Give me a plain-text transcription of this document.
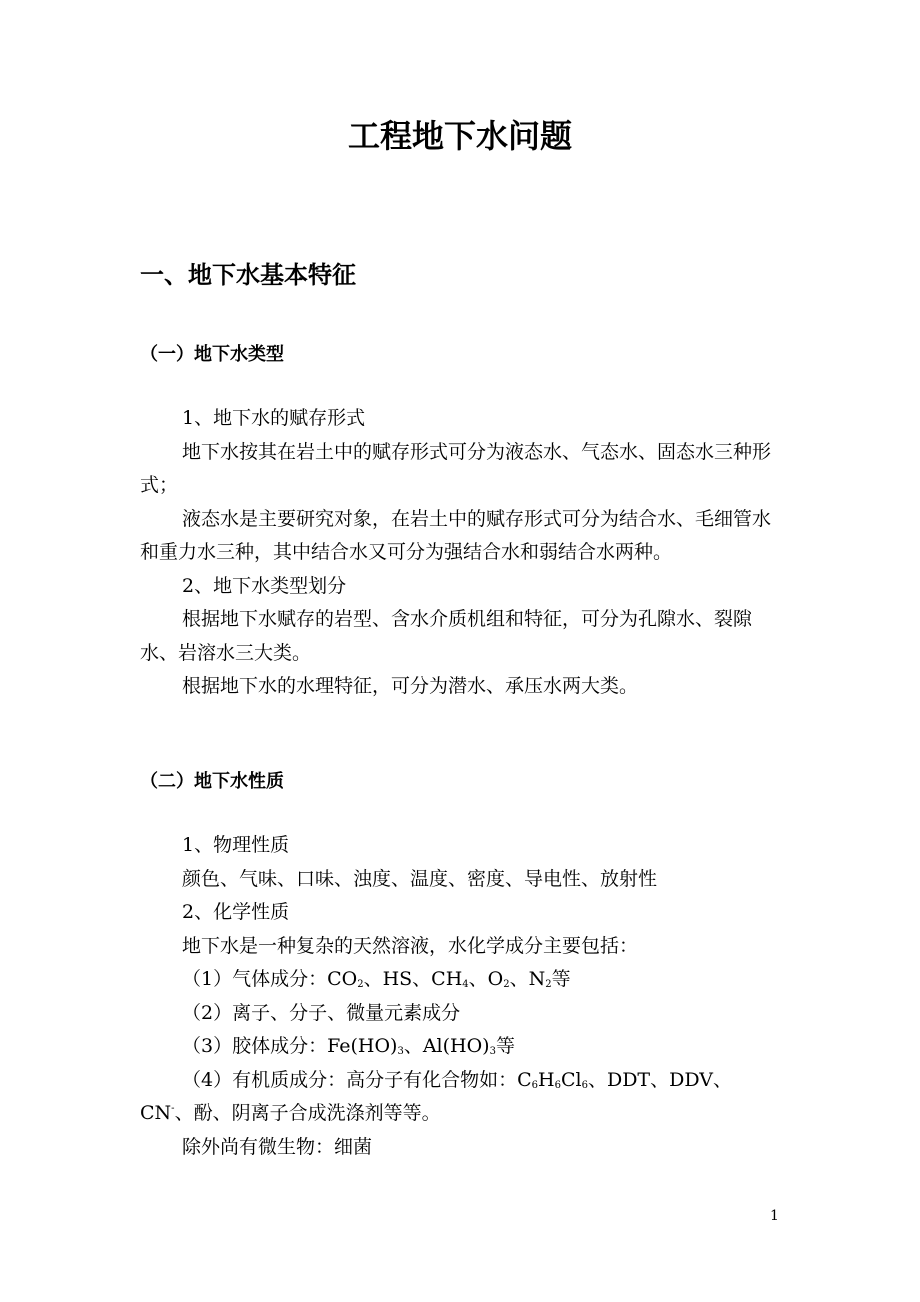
工程地下水问题
一、地下水基本特征
（一）地下水类型

1、地下水的赋存形式

地下水按其在岩土中的赋存形式可分为液态水、气态水、固态水三种形式；

液态水是主要研究对象，在岩土中的赋存形式可分为结合水、毛细管水和重力水三种，其中结合水又可分为强结合水和弱结合水两种。

2、地下水类型划分

根据地下水赋存的岩型、含水介质机组和特征，可分为孔隙水、裂隙水、岩溶水三大类。

根据地下水的水理特征，可分为潜水、承压水两大类。

（二）地下水性质

1、物理性质

颜色、气味、口味、浊度、温度、密度、导电性、放射性

2、化学性质

地下水是一种复杂的天然溶液，水化学成分主要包括：

（1）气体成分：$CO_2$、HS、$CH_4$、$O_2$、$N_2$等

（2）离子、分子、微量元素成分

（3）胶体成分：$Fe(HO)_3$、$Al(HO)_3$等

（4）有机质成分：高分子有化合物如：$C_6H_6Cl_6$、DDT、DDV、CN-、酚、阴离子合成洗涤剂等等。

除外尚有微生物：细菌

1
